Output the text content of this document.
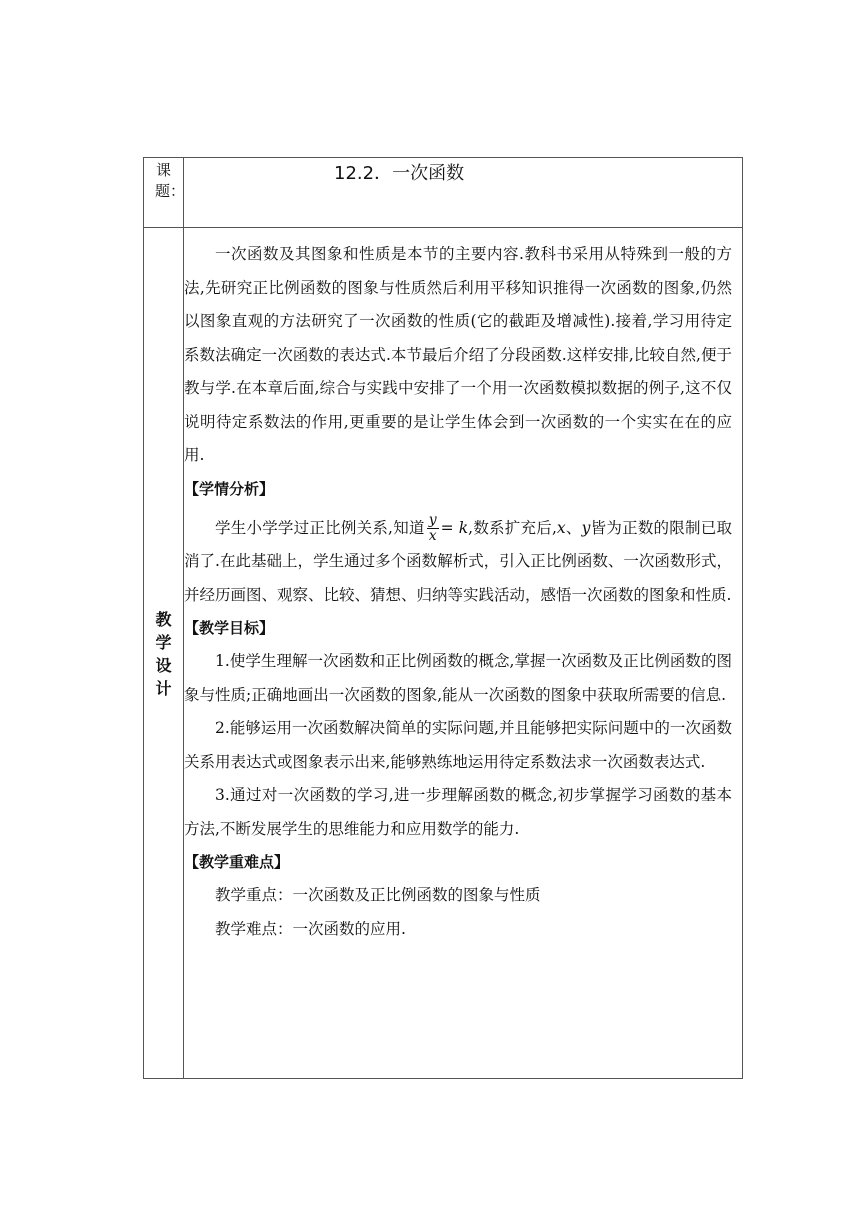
课题：
12.2．一次函数
教学设计

一次函数及其图象和性质是本节的主要内容.教科书采用从特殊到一般的方法,先研究正比例函数的图象与性质然后利用平移知识推得一次函数的图象,仍然以图象直观的方法研究了一次函数的性质(它的截距及增减性).接着,学习用待定系数法确定一次函数的表达式.本节最后介绍了分段函数.这样安排,比较自然,便于教与学.在本章后面,综合与实践中安排了一个用一次函数模拟数据的例子,这不仅说明待定系数法的作用,更重要的是让学生体会到一次函数的一个实实在在的应用.

【学情分析】

学生小学学过正比例关系,知道 $\frac{y}{x} = k$,数系扩充后,x、y皆为正数的限制已取消了.在此基础上，学生通过多个函数解析式，引入正比例函数、一次函数形式，并经历画图、观察、比较、猜想、归纳等实践活动，感悟一次函数的图象和性质.

【教学目标】

1.使学生理解一次函数和正比例函数的概念,掌握一次函数及正比例函数的图象与性质;正确地画出一次函数的图象,能从一次函数的图象中获取所需要的信息.

2.能够运用一次函数解决简单的实际问题,并且能够把实际问题中的一次函数关系用表达式或图象表示出来,能够熟练地运用待定系数法求一次函数表达式.

3.通过对一次函数的学习,进一步理解函数的概念,初步掌握学习函数的基本方法,不断发展学生的思维能力和应用数学的能力.

【教学重难点】

教学重点：一次函数及正比例函数的图象与性质

教学难点：一次函数的应用.
